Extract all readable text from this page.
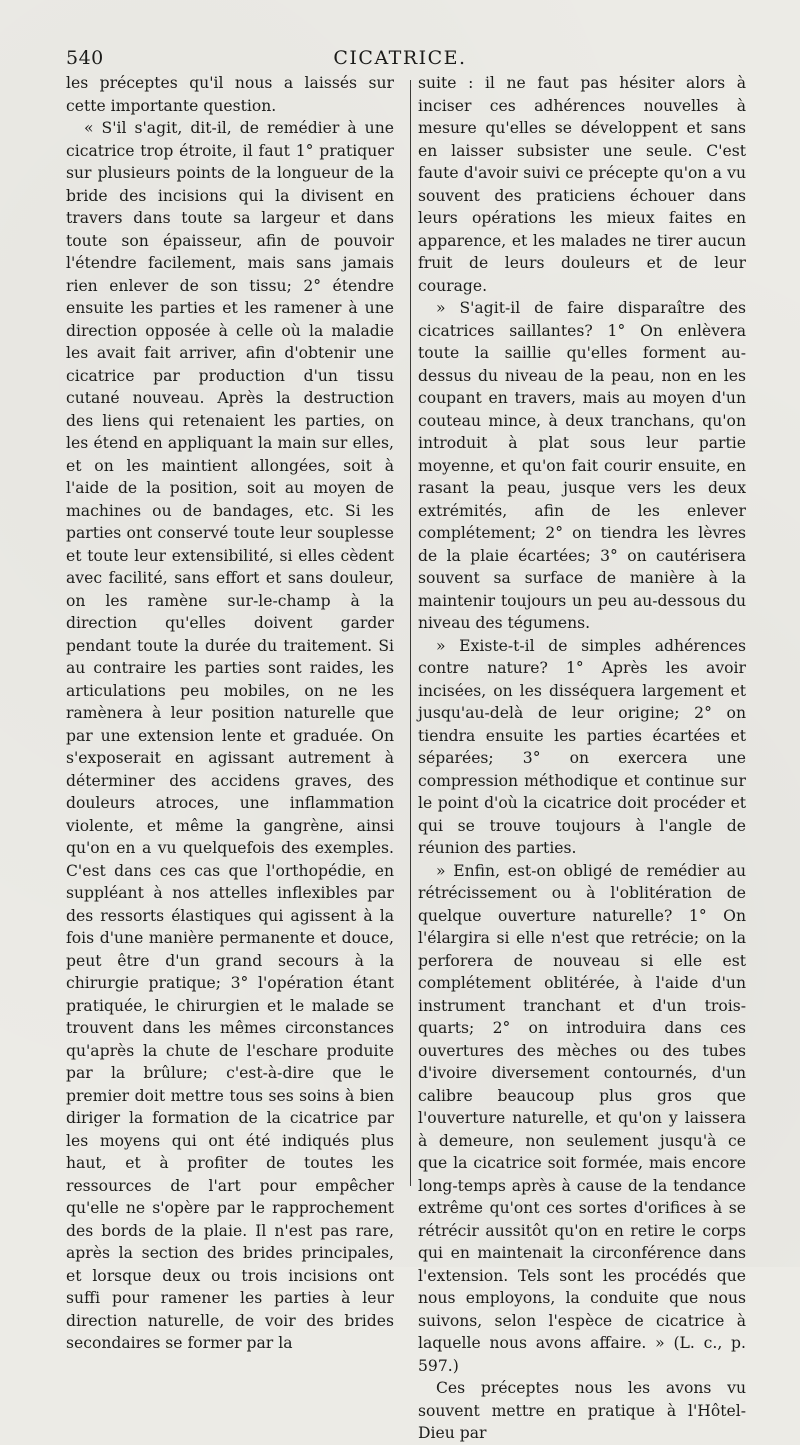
540	CICATRICE.

les préceptes qu'il nous a laissés sur cette importante question.

« S'il s'agit, dit-il, de remédier à une cicatrice trop étroite, il faut 1° pratiquer sur plusieurs points de la longueur de la bride des incisions qui la divisent en travers dans toute sa largeur et dans toute son épaisseur, afin de pouvoir l'étendre facilement, mais sans jamais rien enlever de son tissu; 2° étendre ensuite les parties et les ramener à une direction opposée à celle où la maladie les avait fait arriver, afin d'obtenir une cicatrice par production d'un tissu cutané nouveau. Après la destruction des liens qui retenaient les parties, on les étend en appliquant la main sur elles, et on les maintient allongées, soit à l'aide de la position, soit au moyen de machines ou de bandages, etc. Si les parties ont conservé toute leur souplesse et toute leur extensibilité, si elles cèdent avec facilité, sans effort et sans douleur, on les ramène sur-le-champ à la direction qu'elles doivent garder pendant toute la durée du traitement. Si au contraire les parties sont raides, les articulations peu mobiles, on ne les ramènera à leur position naturelle que par une extension lente et graduée. On s'exposerait en agissant autrement à déterminer des accidens graves, des douleurs atroces, une inflammation violente, et même la gangrène, ainsi qu'on en a vu quelquefois des exemples. C'est dans ces cas que l'orthopédie, en suppléant à nos attelles inflexibles par des ressorts élastiques qui agissent à la fois d'une manière permanente et douce, peut être d'un grand secours à la chirurgie pratique; 3° l'opération étant pratiquée, le chirurgien et le malade se trouvent dans les mêmes circonstances qu'après la chute de l'eschare produite par la brûlure; c'est-à-dire que le premier doit mettre tous ses soins à bien diriger la formation de la cicatrice par les moyens qui ont été indiqués plus haut, et à profiter de toutes les ressources de l'art pour empêcher qu'elle ne s'opère par le rapprochement des bords de la plaie. Il n'est pas rare, après la section des brides principales, et lorsque deux ou trois incisions ont suffi pour ramener les parties à leur direction naturelle, de voir des brides secondaires se former par la

suite : il ne faut pas hésiter alors à inciser ces adhérences nouvelles à mesure qu'elles se développent et sans en laisser subsister une seule. C'est faute d'avoir suivi ce précepte qu'on a vu souvent des praticiens échouer dans leurs opérations les mieux faites en apparence, et les malades ne tirer aucun fruit de leurs douleurs et de leur courage.

» S'agit-il de faire disparaître des cicatrices saillantes? 1° On enlèvera toute la saillie qu'elles forment au-dessus du niveau de la peau, non en les coupant en travers, mais au moyen d'un couteau mince, à deux tranchans, qu'on introduit à plat sous leur partie moyenne, et qu'on fait courir ensuite, en rasant la peau, jusque vers les deux extrémités, afin de les enlever complétement; 2° on tiendra les lèvres de la plaie écartées; 3° on cautérisera souvent sa surface de manière à la maintenir toujours un peu au-dessous du niveau des tégumens.

» Existe-t-il de simples adhérences contre nature? 1° Après les avoir incisées, on les disséquera largement et jusqu'au-delà de leur origine; 2° on tiendra ensuite les parties écartées et séparées; 3° on exercera une compression méthodique et continue sur le point d'où la cicatrice doit procéder et qui se trouve toujours à l'angle de réunion des parties.

» Enfin, est-on obligé de remédier au rétrécissement ou à l'oblitération de quelque ouverture naturelle? 1° On l'élargira si elle n'est que retrécie; on la perforera de nouveau si elle est complétement oblitérée, à l'aide d'un instrument tranchant et d'un trois-quarts; 2° on introduira dans ces ouvertures des mèches ou des tubes d'ivoire diversement contournés, d'un calibre beaucoup plus gros que l'ouverture naturelle, et qu'on y laissera à demeure, non seulement jusqu'à ce que la cicatrice soit formée, mais encore long-temps après à cause de la tendance extrême qu'ont ces sortes d'orifices à se rétrécir aussitôt qu'on en retire le corps qui en maintenait la circonférence dans l'extension. Tels sont les procédés que nous employons, la conduite que nous suivons, selon l'espèce de cicatrice à laquelle nous avons affaire. » (L. c., p. 597.)

Ces préceptes nous les avons vu souvent mettre en pratique à l'Hôtel-Dieu par
